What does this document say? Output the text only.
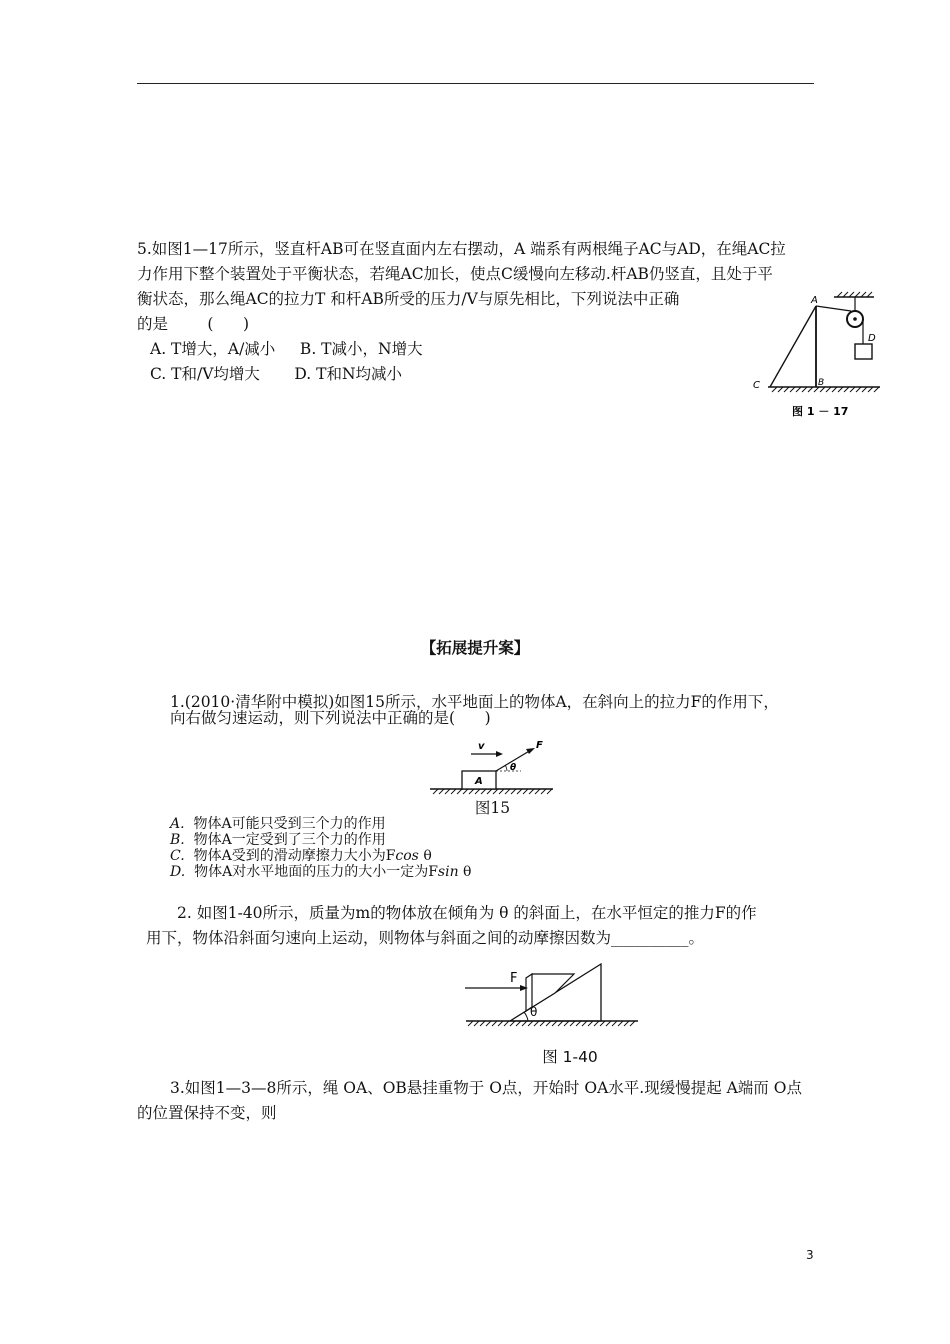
5.如图1—17所示，竖直杆AB可在竖直面内左右摆动，A 端系有两根绳子AC与AD，在绳AC拉
力作用下整个装置处于平衡状态，若绳AC加长，使点C缓慢向左移动.杆AB仍竖直，且处于平
衡状态，那么绳AC的拉力T 和杆AB所受的压力/V与原先相比，下列说法中正确
的是        (      )
A. T增大，A/减小     B. T减小，N增大
C. T和/V均增大       D. T和N均减小
A
B
C
D
图 1 － 17
【拓展提升案】
1.(2010·清华附中模拟)如图15所示，水平地面上的物体A，在斜向上的拉力F的作用下，
向右做匀速运动，则下列说法中正确的是(      )
v	F
θ
A
图15
A. 物体A可能只受到三个力的作用
B. 物体A一定受到了三个力的作用
C. 物体A受到的滑动摩擦力大小为Fcos θ
D. 物体A对水平地面的压力的大小一定为Fsin θ
2. 如图1-40所示，质量为m的物体放在倾角为 θ 的斜面上，在水平恒定的推力F的作
用下，物体沿斜面匀速向上运动，则物体与斜面之间的动摩擦因数为__________。
F
θ
图 1-40
3.如图1—3—8所示，绳 OA、OB悬挂重物于 O点，开始时 OA水平.现缓慢提起 A端而 O点
的位置保持不变，则
3
